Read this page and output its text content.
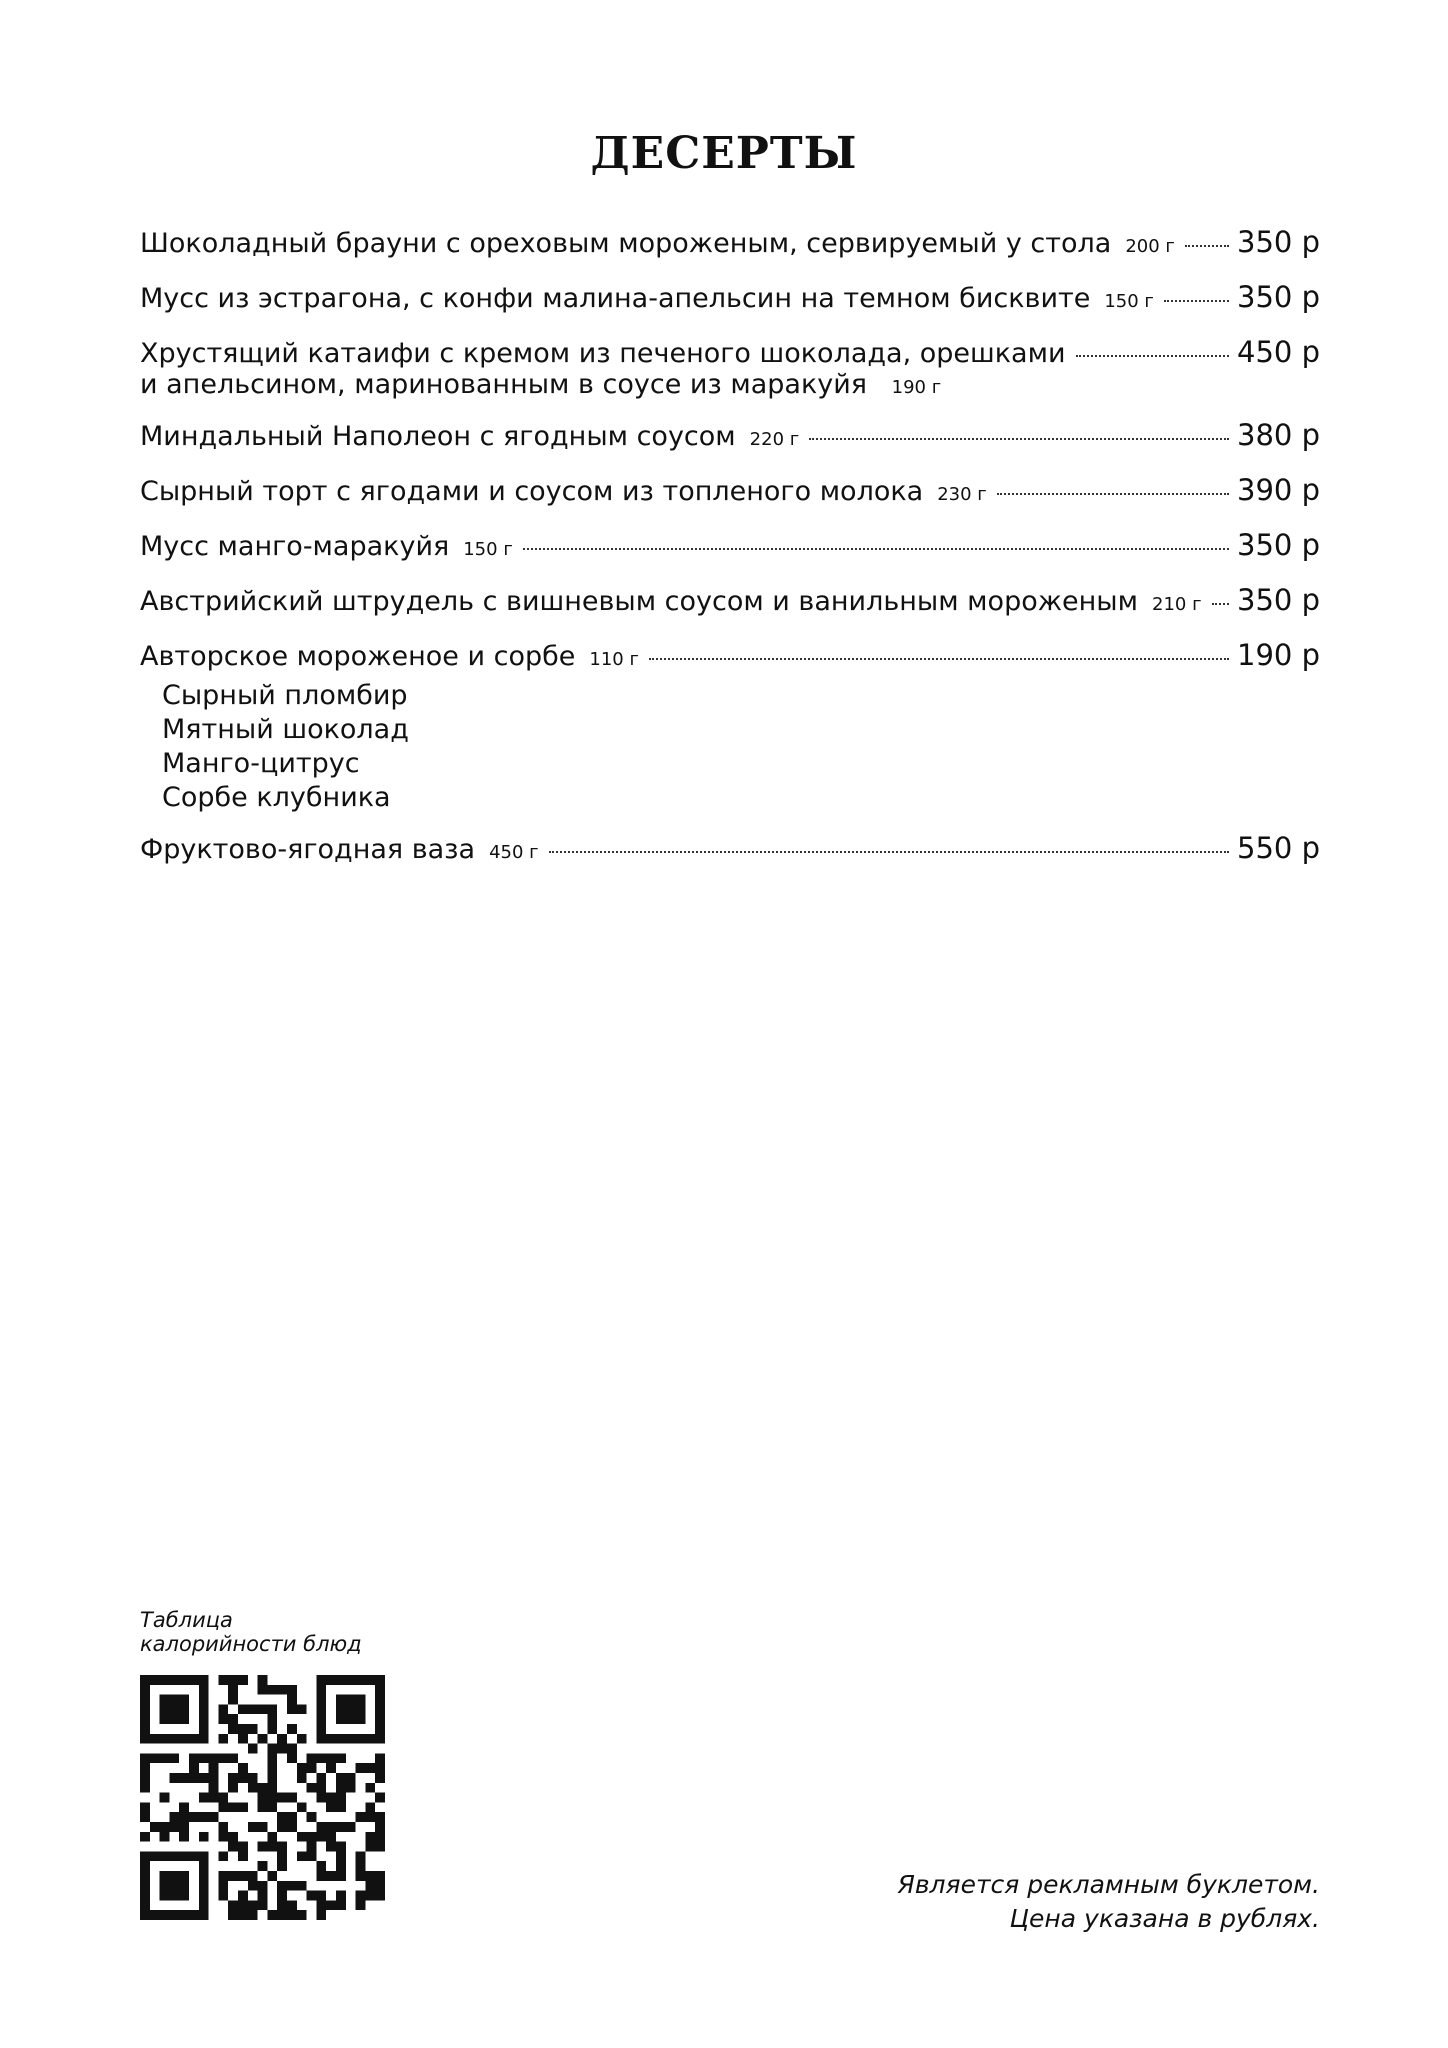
ДЕСЕРТЫ
Шоколадный брауни с ореховым мороженым, сервируемый у стола 200 г 350 р
Мусс из эстрагона, с конфи малина-апельсин на темном бисквите 150 г	350 р
Хрустящий катаифи с кремом из печеного шоколада, орешками	450 р
и апельсином, маринованным в соусе из маракуйя 190 г
Миндальный Наполеон с ягодным соусом 220 г	380 р
Сырный торт с ягодами и соусом из топленого молока 230 г	390 р
Мусс манго-маракуйя 150 г	350 р
Австрийский штрудель с вишневым соусом и ванильным мороженым 210 г 350 р
Авторское мороженое и сорбе 110 г	190 р
Сырный пломбир
Мятный шоколад
Манго-цитрус
Сорбе клубника
Фруктово-ягодная ваза 450 г	550 р
Таблица
калорийности блюд
Является рекламным буклетом.
Цена указана в рублях.
